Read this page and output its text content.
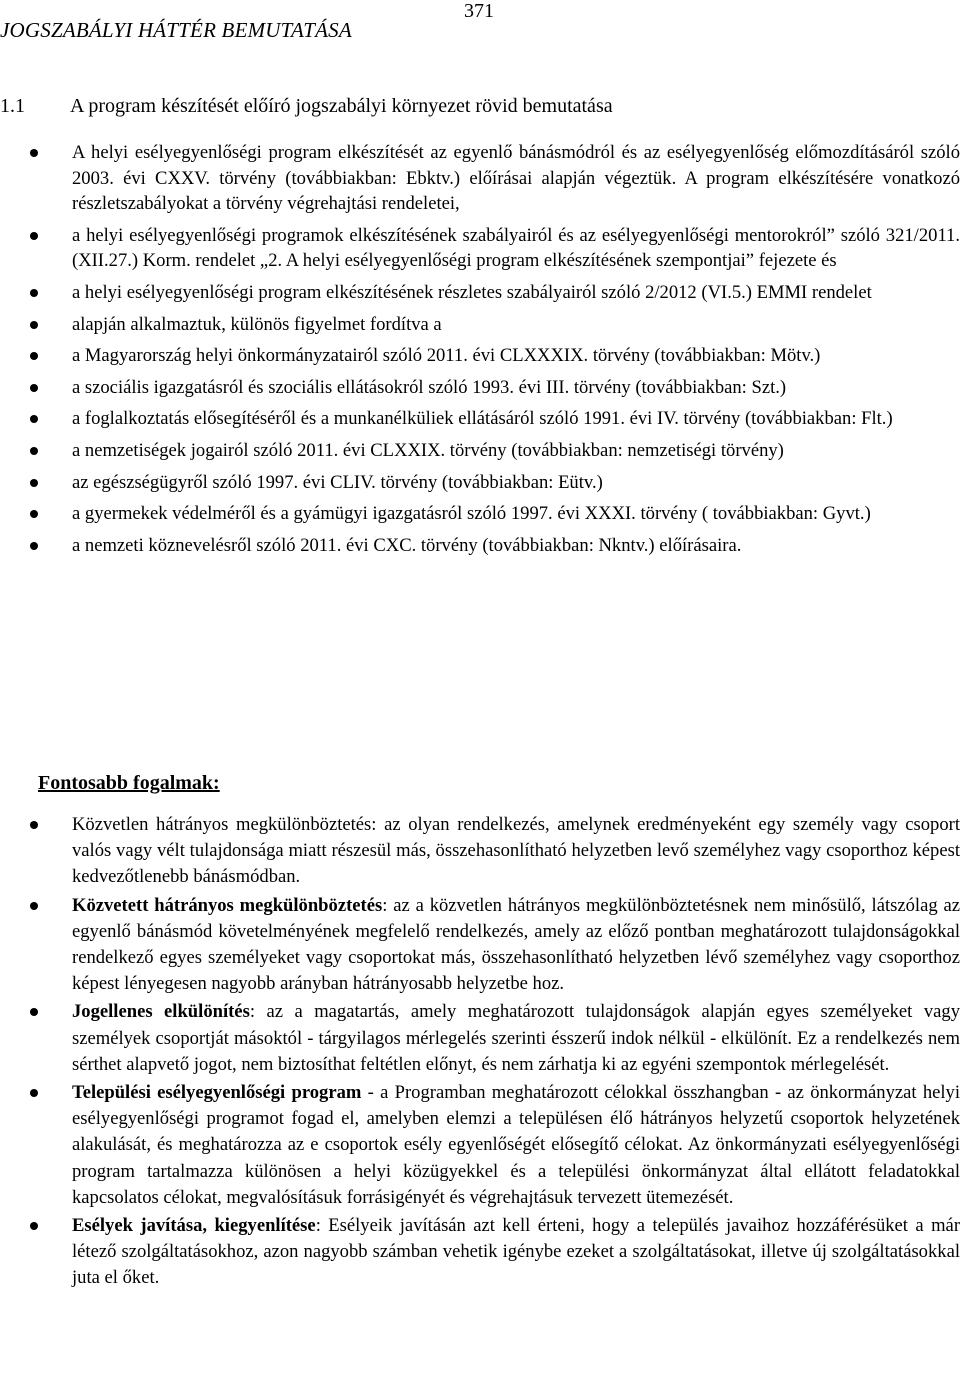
JOGSZABÁLYI HÁTTÉR BEMUTATÁSA
371
1.1 A program készítését előíró jogszabályi környezet rövid bemutatása
A helyi esélyegyenlőségi program elkészítését az egyenlő bánásmódról és az esélyegyenlőség előmozdításáról szóló 2003. évi CXXV. törvény (továbbiakban: Ebktv.) előírásai alapján végeztük. A program elkészítésére vonatkozó részletszabályokat a törvény végrehajtási rendeletei,
a helyi esélyegyenlőségi programok elkészítésének szabályairól és az esélyegyenlőségi mentorokról” szóló 321/2011. (XII.27.) Korm. rendelet „2. A helyi esélyegyenlőségi program elkészítésének szempontjai” fejezete és
a helyi esélyegyenlőségi program elkészítésének részletes szabályairól szóló 2/2012 (VI.5.) EMMI rendelet
alapján alkalmaztuk, különös figyelmet fordítva a
a Magyarország helyi önkormányzatairól szóló 2011. évi CLXXXIX. törvény (továbbiakban: Mötv.)
a szociális igazgatásról és szociális ellátásokról szóló 1993. évi III. törvény (továbbiakban: Szt.)
a foglalkoztatás elősegítéséről és a munkanélküliek ellátásáról szóló 1991. évi IV. törvény (továbbiakban: Flt.)
a nemzetiségek jogairól szóló 2011. évi CLXXIX. törvény (továbbiakban: nemzetiségi törvény)
az egészségügyről szóló 1997. évi CLIV. törvény (továbbiakban: Eütv.)
a gyermekek védelméről és a gyámügyi igazgatásról szóló 1997. évi XXXI. törvény ( továbbiakban: Gyvt.)
a nemzeti köznevelésről szóló 2011. évi CXC. törvény (továbbiakban: Nkntv.) előírásaira.
Fontosabb fogalmak:
Közvetlen hátrányos megkülönböztetés: az olyan rendelkezés, amelynek eredményeként egy személy vagy csoport valós vagy vélt tulajdonsága miatt részesül más, összehasonlítható helyzetben levő személyhez vagy csoporthoz képest kedvezőtlenebb bánásmódban.
Közvetett hátrányos megkülönböztetés: az a közvetlen hátrányos megkülönböztetésnek nem minősülő, látszólag az egyenlő bánásmód követelményének megfelelő rendelkezés, amely az előző pontban meghatározott tulajdonságokkal rendelkező egyes személyeket vagy csoportokat más, összehasonlítható helyzetben lévő személyhez vagy csoporthoz képest lényegesen nagyobb arányban hátrányosabb helyzetbe hoz.
Jogellenes elkülönítés: az a magatartás, amely meghatározott tulajdonságok alapján egyes személyeket vagy személyek csoportját másoktól - tárgyilagos mérlegelés szerinti ésszerű indok nélkül - elkülönít. Ez a rendelkezés nem sérthet alapvető jogot, nem biztosíthat feltétlen előnyt, és nem zárhatja ki az egyéni szempontok mérlegelését.
Települési esélyegyenlőségi program - a Programban meghatározott célokkal összhangban - az önkormányzat helyi esélyegyenlőségi programot fogad el, amelyben elemzi a településen élő hátrányos helyzetű csoportok helyzetének alakulását, és meghatározza az e csoportok esély egyenlőségét elősegítő célokat. Az önkormányzati esélyegyenlőségi program tartalmazza különösen a helyi közügyekkel és a települési önkormányzat által ellátott feladatokkal kapcsolatos célokat, megvalósításuk forrásigényét és végrehajtásuk tervezett ütemezését.
Esélyek javítása, kiegyenlítése: Esélyeik javításán azt kell érteni, hogy a település javaihoz hozzáférésüket a már létező szolgáltatásokhoz, azon nagyobb számban vehetik igénybe ezeket a szolgáltatásokat, illetve új szolgáltatásokkal juta el őket.
